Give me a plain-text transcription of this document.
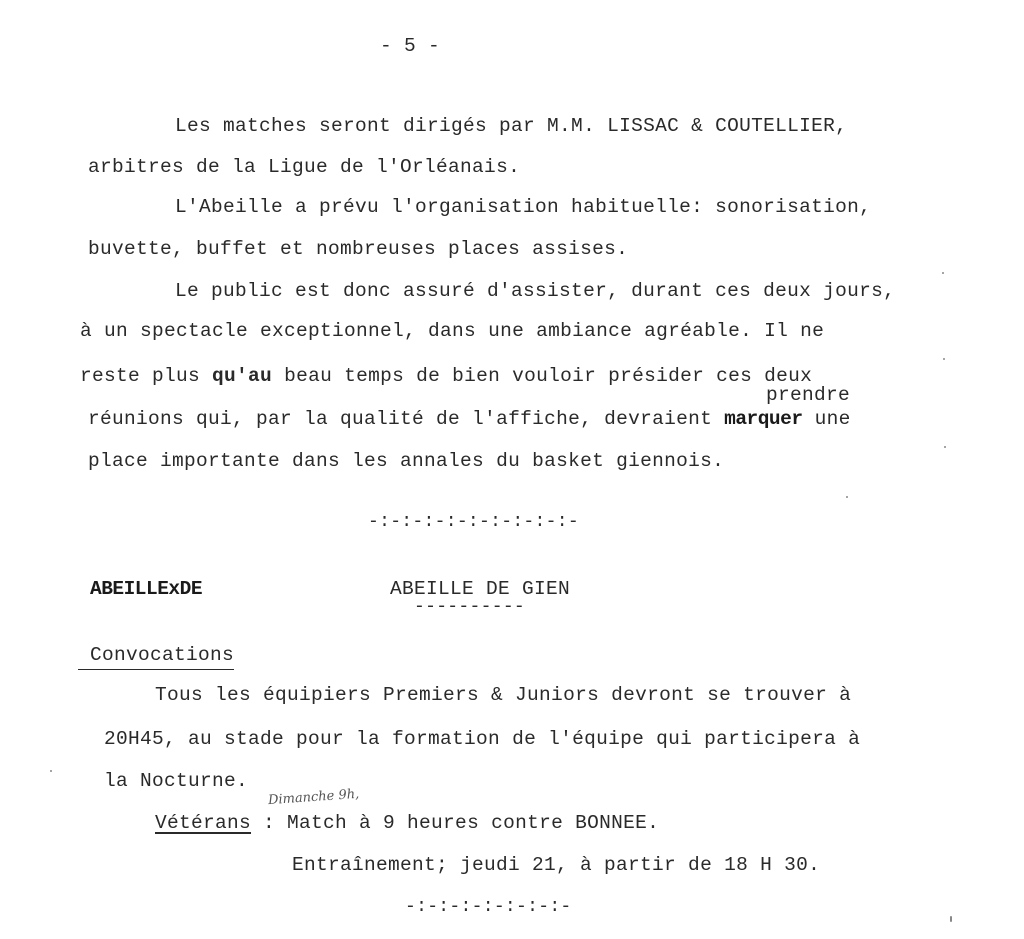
- 5 -
Les matches seront dirigés par M.M. LISSAC & COUTELLIER,
arbitres de la Ligue de l'Orléanais.
L'Abeille a prévu l'organisation habituelle: sonorisation,
buvette, buffet et nombreuses places assises.
Le public est donc assuré d'assister, durant ces deux jours,
à un spectacle exceptionnel, dans une ambiance agréable. Il ne
reste plus qu'au beau temps de bien vouloir présider ces deux
prendre
réunions qui, par la qualité de l'affiche, devraient marquer une
place importante dans les annales du basket giennois.
-:-:-:-:-:-:-:-:-:-
ABEILLExDE	ABEILLE DE GIEN
----------
Convocations
Tous les équipiers Premiers & Juniors devront se trouver à
20H45, au stade pour la formation de l'équipe qui participera à
la Nocturne.
Dimanche 9h,
Vétérans : Match à 9 heures contre BONNEE.
Entraînement; jeudi 21, à partir de 18 H 30.
-:-:-:-:-:-:-:-
